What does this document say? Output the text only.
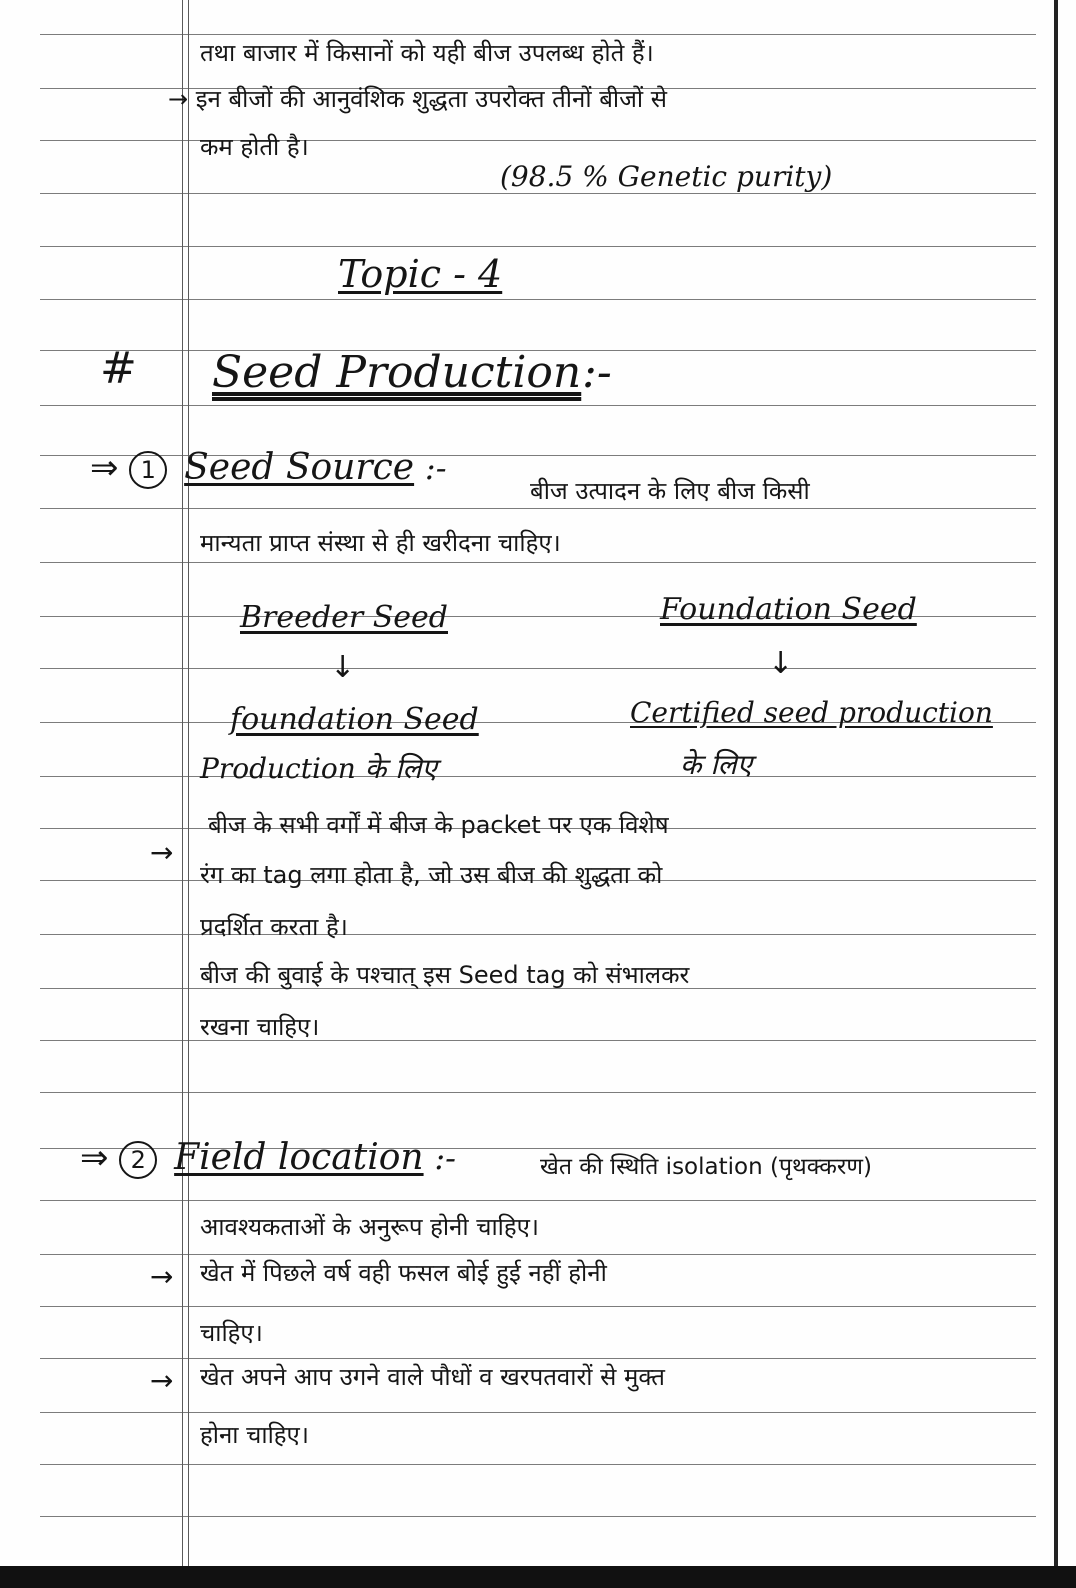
तथा बाजार में किसानों को यही बीज उपलब्ध होते हैं।
→ इन बीजों की आनुवंशिक शुद्धता उपरोक्त तीनों बीजों से
कम होती है।
(98.5 % Genetic purity)
Topic - 4
# Seed Production :-
⇒ 1 Seed Source :-
बीज उत्पादन के लिए बीज किसी
मान्यता प्राप्त संस्था से ही खरीदना चाहिए।
Breeder Seed	Foundation Seed
↓	↓
foundation Seed	Certified seed production
Production के लिए	के लिए
→
बीज के सभी वर्गों में बीज के packet पर एक विशेष
रंग का tag लगा होता है, जो उस बीज की शुद्धता को
प्रदर्शित करता है।
बीज की बुवाई के पश्चात् इस Seed tag को संभालकर
रखना चाहिए।
⇒ 2 Field location :-	खेत की स्थिति isolation (पृथक्करण)
आवश्यकताओं के अनुरूप होनी चाहिए।
→ खेत में पिछले वर्ष वही फसल बोई हुई नहीं होनी
चाहिए।
→ खेत अपने आप उगने वाले पौधों व खरपतवारों से मुक्त
होना चाहिए।
